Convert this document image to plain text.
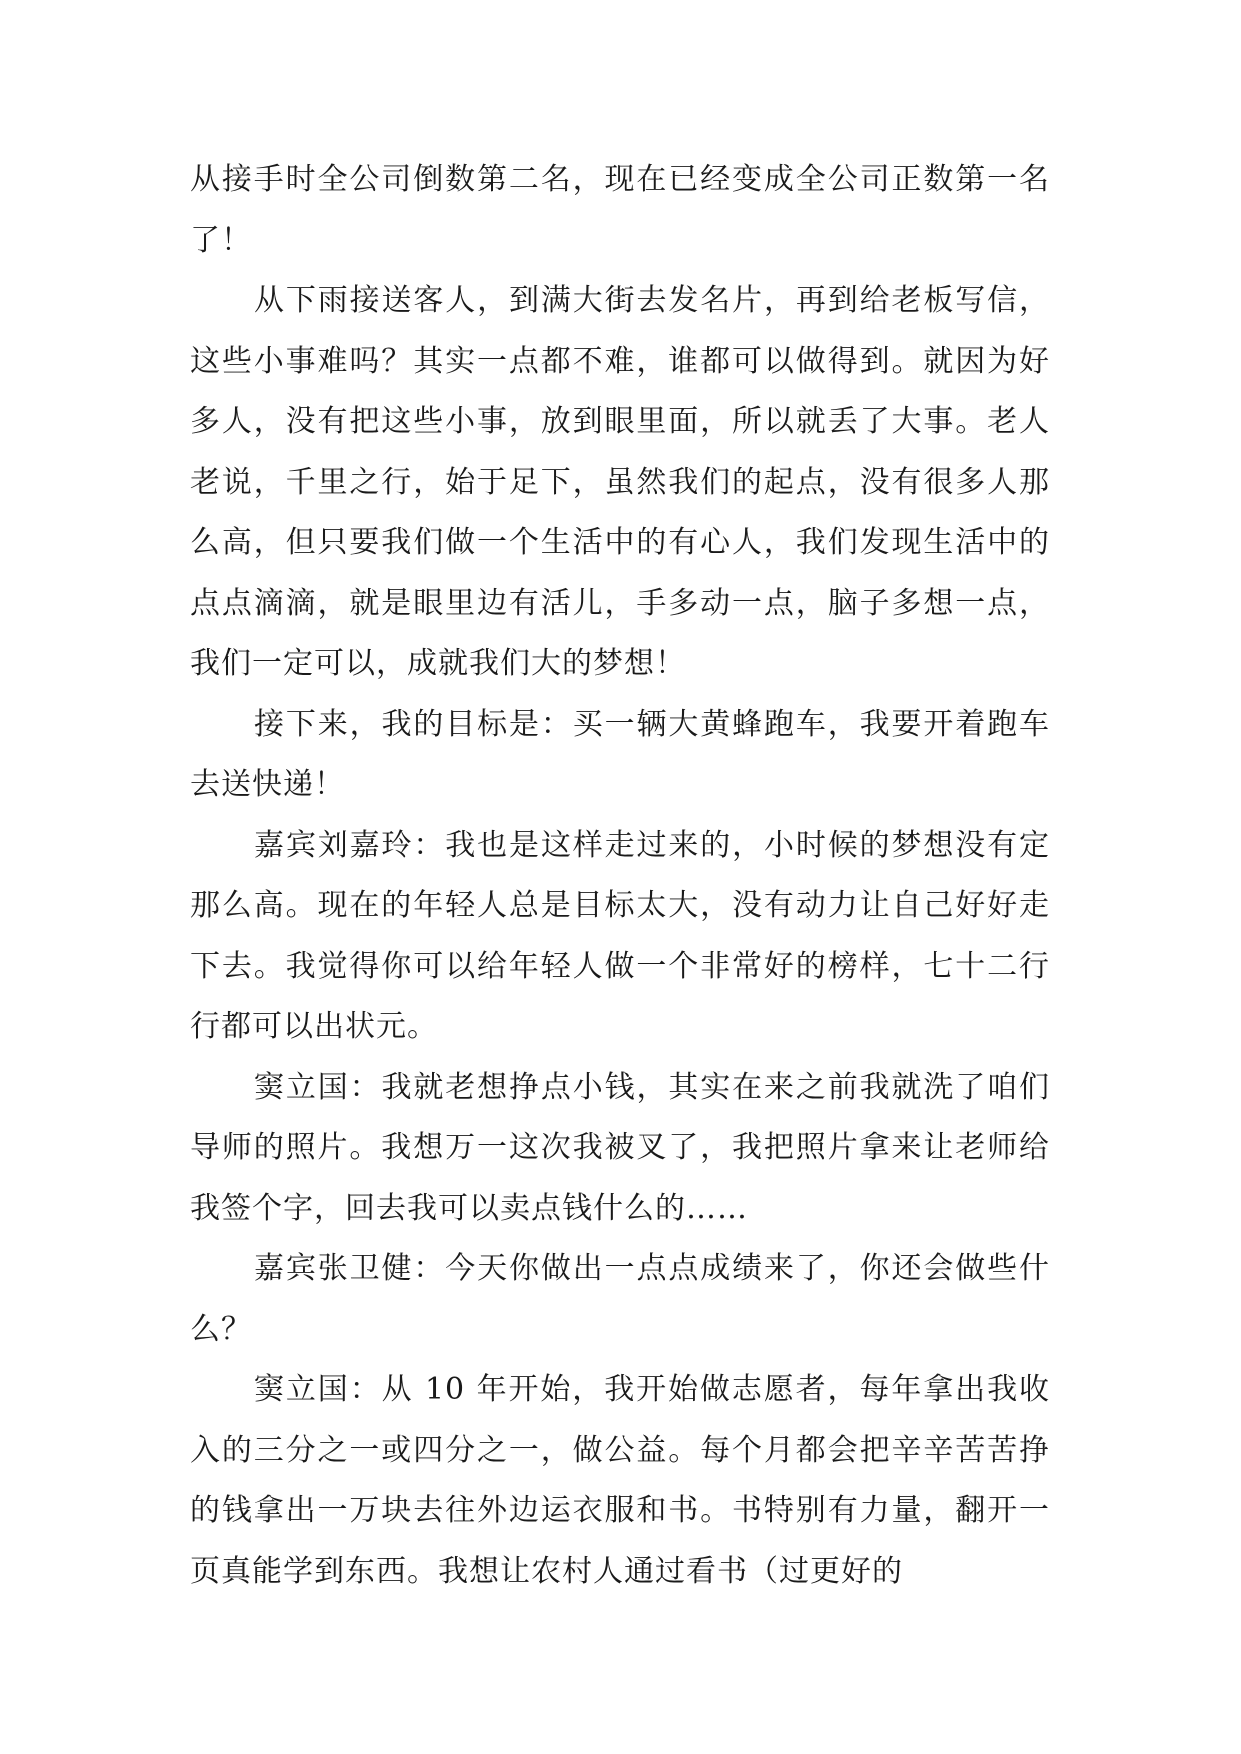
从接手时全公司倒数第二名，现在已经变成全公司正数第一名了！

从下雨接送客人，到满大街去发名片，再到给老板写信，这些小事难吗？其实一点都不难，谁都可以做得到。就因为好多人，没有把这些小事，放到眼里面，所以就丢了大事。老人老说，千里之行，始于足下，虽然我们的起点，没有很多人那么高，但只要我们做一个生活中的有心人，我们发现生活中的点点滴滴，就是眼里边有活儿，手多动一点，脑子多想一点，我们一定可以，成就我们大的梦想！

接下来，我的目标是：买一辆大黄蜂跑车，我要开着跑车去送快递！

嘉宾刘嘉玲：我也是这样走过来的，小时候的梦想没有定那么高。现在的年轻人总是目标太大，没有动力让自己好好走下去。我觉得你可以给年轻人做一个非常好的榜样，七十二行行都可以出状元。

窦立国：我就老想挣点小钱，其实在来之前我就洗了咱们导师的照片。我想万一这次我被叉了，我把照片拿来让老师给我签个字，回去我可以卖点钱什么的……

嘉宾张卫健：今天你做出一点点成绩来了，你还会做些什么？

窦立国：从 10 年开始，我开始做志愿者，每年拿出我收入的三分之一或四分之一，做公益。每个月都会把辛辛苦苦挣的钱拿出一万块去往外边运衣服和书。书特别有力量，翻开一页真能学到东西。我想让农村人通过看书（过更好的
